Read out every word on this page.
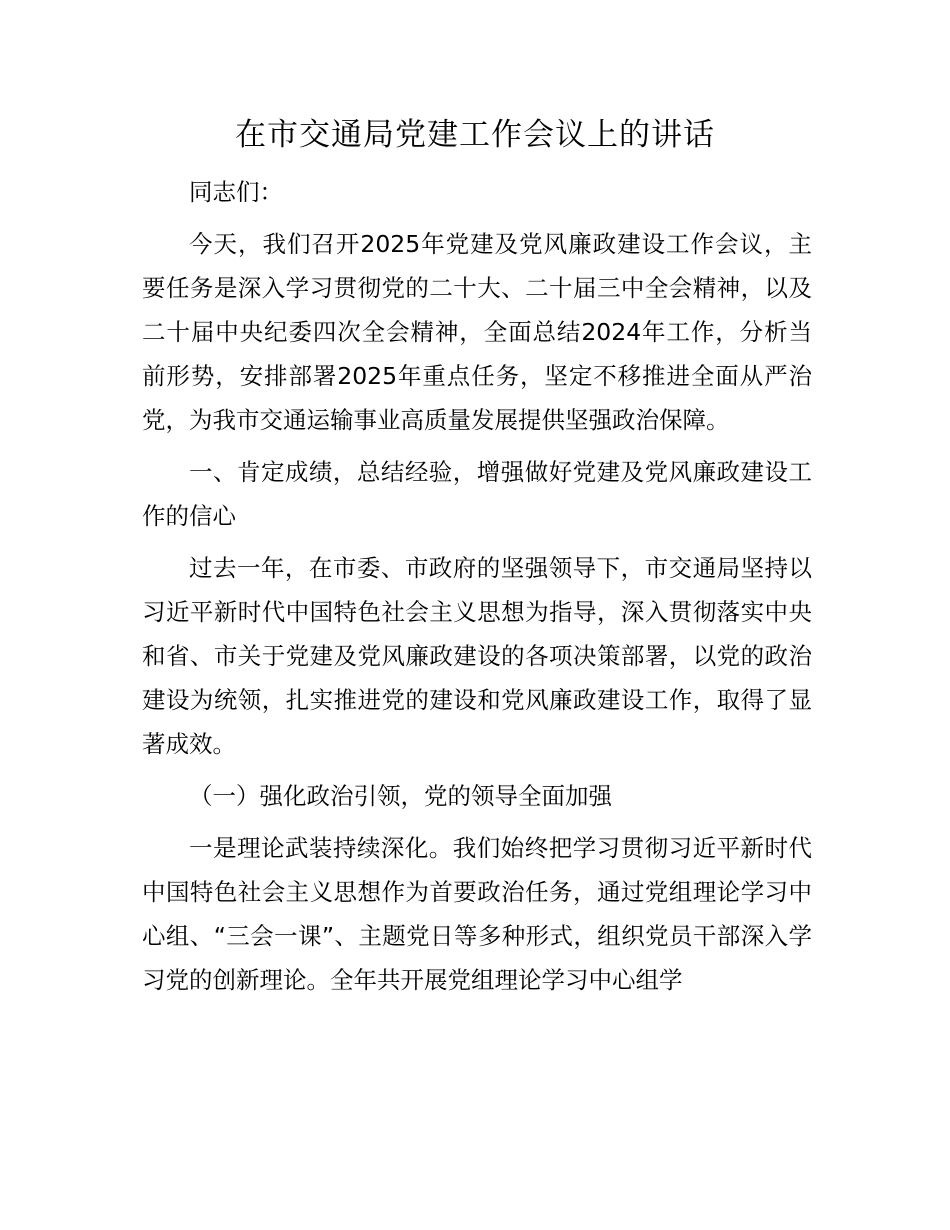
在市交通局党建工作会议上的讲话

同志们：

今天，我们召开2025年党建及党风廉政建设工作会议，主要任务是深入学习贯彻党的二十大、二十届三中全会精神，以及二十届中央纪委四次全会精神，全面总结2024年工作，分析当前形势，安排部署2025年重点任务，坚定不移推进全面从严治党，为我市交通运输事业高质量发展提供坚强政治保障。

一、肯定成绩，总结经验，增强做好党建及党风廉政建设工作的信心

过去一年，在市委、市政府的坚强领导下，市交通局坚持以习近平新时代中国特色社会主义思想为指导，深入贯彻落实中央和省、市关于党建及党风廉政建设的各项决策部署，以党的政治建设为统领，扎实推进党的建设和党风廉政建设工作，取得了显著成效。

（一）强化政治引领，党的领导全面加强

一是理论武装持续深化。我们始终把学习贯彻习近平新时代中国特色社会主义思想作为首要政治任务，通过党组理论学习中心组、“三会一课”、主题党日等多种形式，组织党员干部深入学习党的创新理论。全年共开展党组理论学习中心组学
